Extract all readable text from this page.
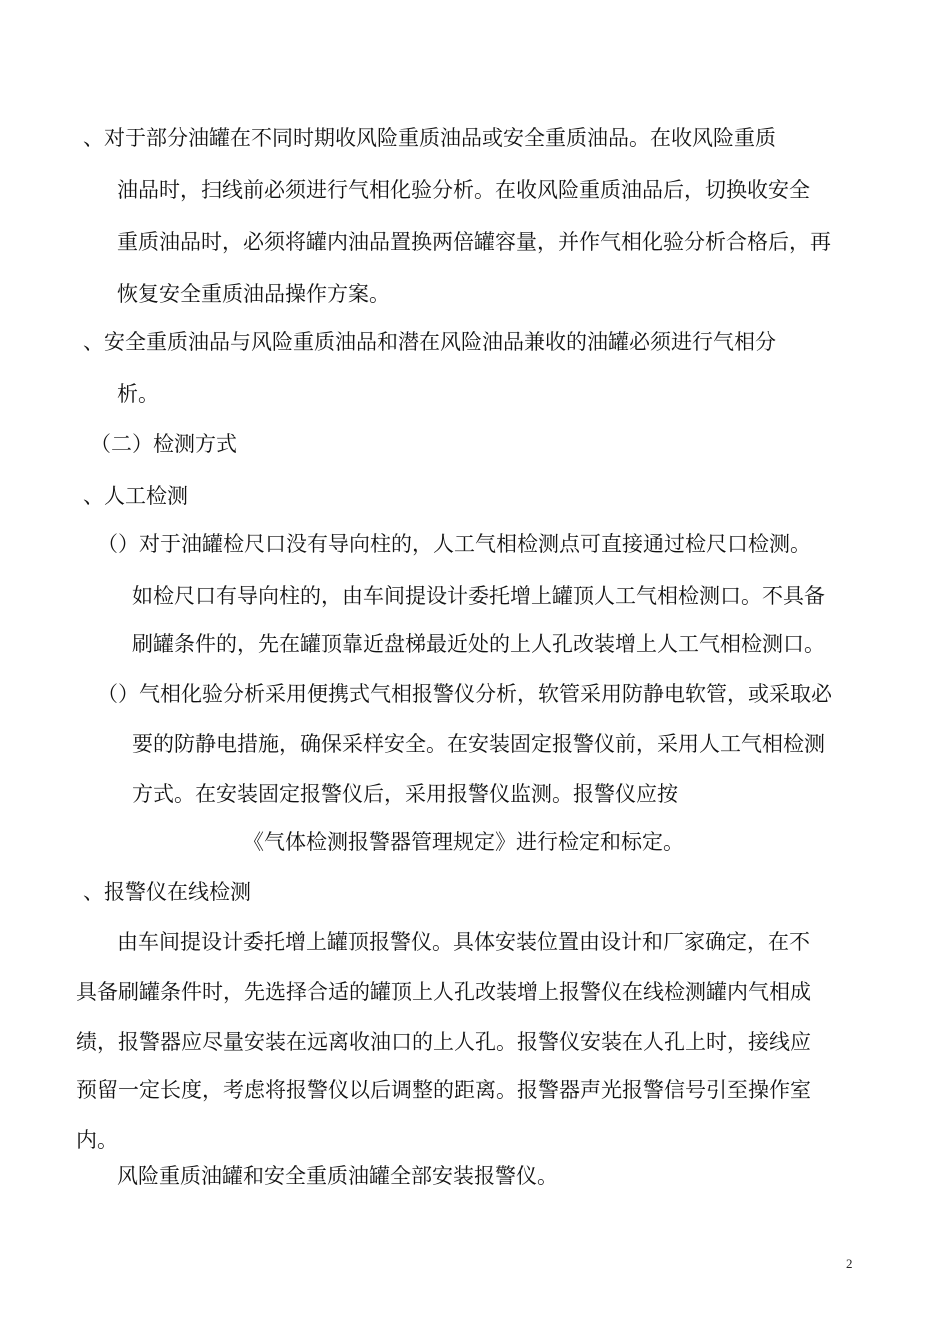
、对于部分油罐在不同时期收风险重质油品或安全重质油品。在收风险重质
油品时，扫线前必须进行气相化验分析。在收风险重质油品后，切换收安全
重质油品时，必须将罐内油品置换两倍罐容量，并作气相化验分析合格后，再
恢复安全重质油品操作方案。
、安全重质油品与风险重质油品和潜在风险油品兼收的油罐必须进行气相分
析。
（二）检测方式
、人工检测
（）对于油罐检尺口没有导向柱的，人工气相检测点可直接通过检尺口检测。
如检尺口有导向柱的，由车间提设计委托增上罐顶人工气相检测口。不具备
刷罐条件的，先在罐顶靠近盘梯最近处的上人孔改装增上人工气相检测口。
（）气相化验分析采用便携式气相报警仪分析，软管采用防静电软管，或采取必
要的防静电措施，确保采样安全。在安装固定报警仪前，采用人工气相检测
方式。在安装固定报警仪后，采用报警仪监测。报警仪应按
《气体检测报警器管理规定》进行检定和标定。
、报警仪在线检测
由车间提设计委托增上罐顶报警仪。具体安装位置由设计和厂家确定，在不
具备刷罐条件时，先选择合适的罐顶上人孔改装增上报警仪在线检测罐内气相成
绩，报警器应尽量安装在远离收油口的上人孔。报警仪安装在人孔上时，接线应
预留一定长度，考虑将报警仪以后调整的距离。报警器声光报警信号引至操作室
内。
风险重质油罐和安全重质油罐全部安装报警仪。
2
